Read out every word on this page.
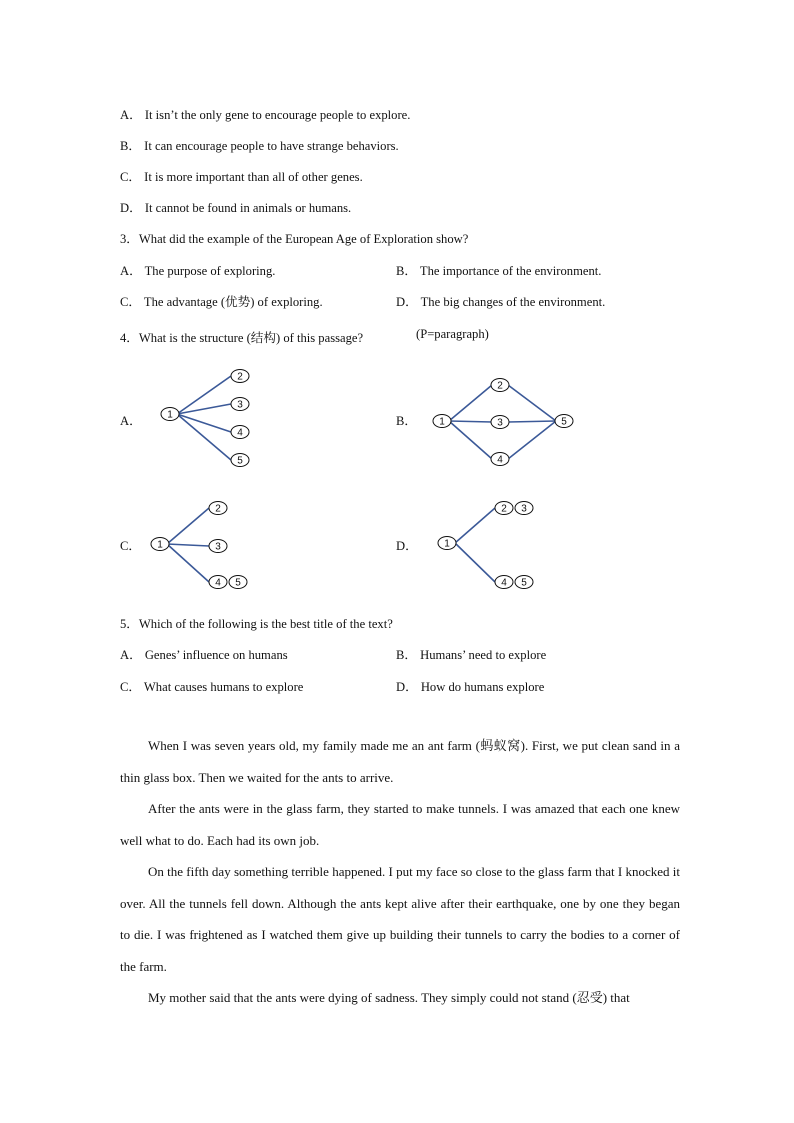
A． It isn’t the only gene to encourage people to explore.
B． It can encourage people to have strange behaviors.
C． It is more important than all of other genes.
D． It cannot be found in animals or humans.
3．What did the example of the European Age of Exploration show?
A． The purpose of exploring.	B． The importance of the environment.
C． The advantage (优势) of exploring.	D． The big changes of the environment.
4．What is the structure (结构) of this passage?	(P=paragraph)
A．	1
2
3
4
5
B． 1
2
3
4
5
C． 1
2
3
4 5
D．	1
2 3
4 5
5．Which of the following is the best title of the text?
A． Genes’ influence on humans	B． Humans’ need to explore
C． What causes humans to explore	D． How do humans explore

When I was seven years old, my family made me an ant farm (蚂蚁窝). First, we put clean sand in a thin glass box. Then we waited for the ants to arrive.

After the ants were in the glass farm, they started to make tunnels. I was amazed that each one knew well what to do. Each had its own job.

On the fifth day something terrible happened. I put my face so close to the glass farm that I knocked it over. All the tunnels fell down. Although the ants kept alive after their earthquake, one by one they began to die. I was frightened as I watched them give up building their tunnels to carry the bodies to a corner of the farm.

My mother said that the ants were dying of sadness. They simply could not stand (忍受) that
